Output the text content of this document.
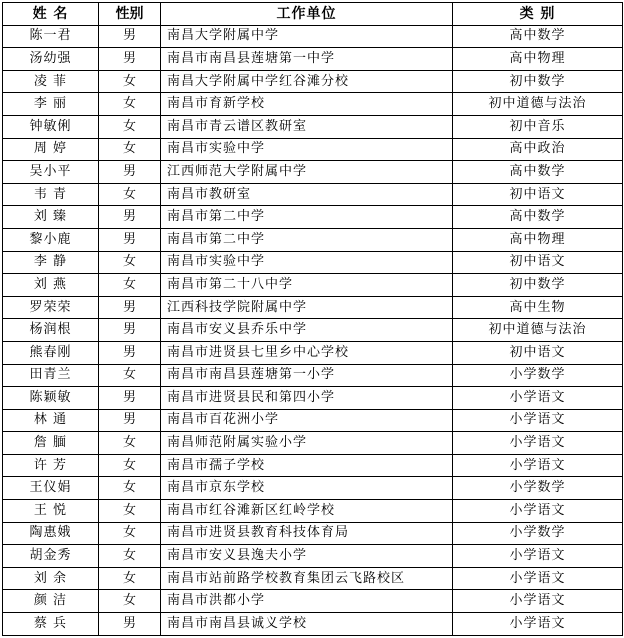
姓 名	性别	工作单位	类 别
陈一君	男	南昌大学附属中学	高中数学
汤幼强	男	南昌市南昌县莲塘第一中学	高中物理
凌 菲	女	南昌大学附属中学红谷滩分校	初中数学
李 丽	女	南昌市育新学校	初中道德与法治
钟敏俐	女	南昌市青云谱区教研室	初中音乐
周 婷	女	南昌市实验中学	高中政治
吴小平	男	江西师范大学附属中学	高中数学
韦 青	女	南昌市教研室	初中语文
刘 臻	男	南昌市第二中学	高中数学
黎小鹿	男	南昌市第二中学	高中物理
李 静	女	南昌市实验中学	初中语文
刘 燕	女	南昌市第二十八中学	初中数学
罗荣荣	男	江西科技学院附属中学	高中生物
杨润根	男	南昌市安义县乔乐中学	初中道德与法治
熊春刚	男	南昌市进贤县七里乡中心学校	初中语文
田青兰	女	南昌市南昌县莲塘第一小学	小学数学
陈颖敏	男	南昌市进贤县民和第四小学	小学语文
林 通	男	南昌市百花洲小学	小学语文
詹 腼	女	南昌师范附属实验小学	小学语文
许 芳	女	南昌市孺子学校	小学语文
王仪娟	女	南昌市京东学校	小学数学
王 悦	女	南昌市红谷滩新区红岭学校	小学语文
陶惠娥	女	南昌市进贤县教育科技体育局	小学数学
胡金秀	女	南昌市安义县逸夫小学	小学语文
刘 余	女	南昌市站前路学校教育集团云飞路校区	小学语文
颜 洁	女	南昌市洪都小学	小学语文
蔡 兵	男	南昌市南昌县诚义学校	小学语文
